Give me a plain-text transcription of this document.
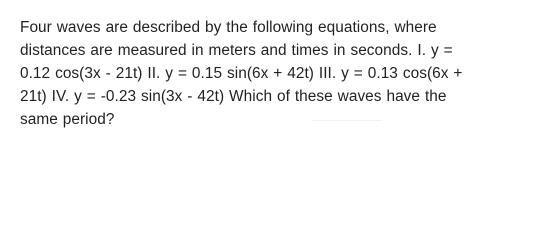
Four waves are described by the following equations, where
distances are measured in meters and times in seconds. I. y =
0.12 cos(3x - 21t) II. y = 0.15 sin(6x + 42t) III. y = 0.13 cos(6x +
21t) IV. y = -0.23 sin(3x - 42t) Which of these waves have the
same period?
